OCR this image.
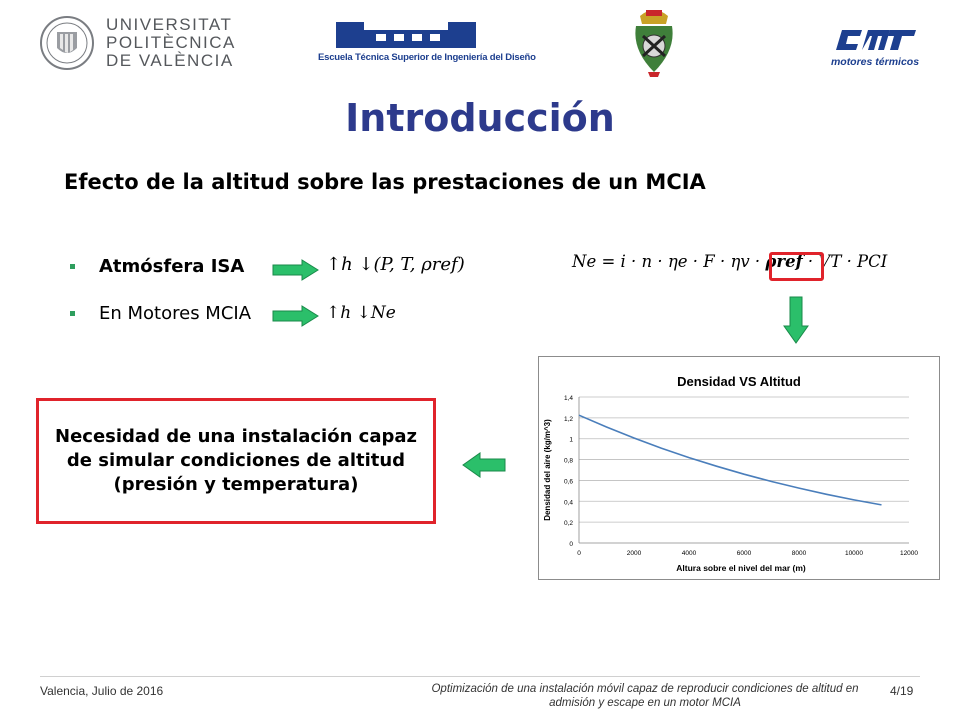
UNIVERSITAT
POLITÈCNICA
DE VALÈNCIA	Escuela Técnica Superior de Ingeniería del Diseño	motores térmicos
Introducción
Efecto de la altitud sobre las prestaciones de un MCIA
Atmósfera ISA	↑h ↓(P, T, ρref)
En Motores MCIA	↑h ↓Ne
Ne = i · n · ηe · F · ηv · ρref · VT · PCI
Necesidad de una instalación capaz de simular condiciones de altitud (presión y temperatura)
Densidad VS Altitud
0
0,2
0,4
0,6
0,8
1
1,2
1,4
0	2000	4000	6000	8000	10000	12000
Altura sobre el nivel del mar (m)
Densidad del aire (kg/m^3)
Valencia, Julio de 2016	Optimización de una instalación móvil capaz de reproducir condiciones de altitud en admisión y escape en un motor MCIA
4/19
